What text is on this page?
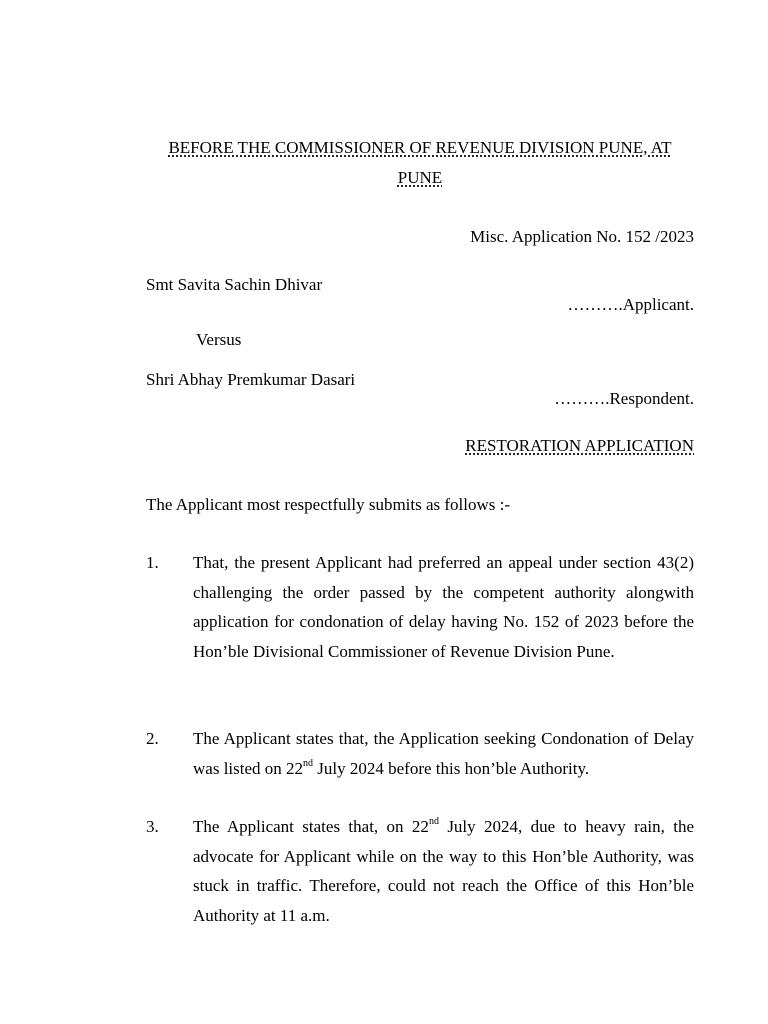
BEFORE THE COMMISSIONER OF REVENUE DIVISION PUNE, AT
PUNE
Misc. Application No. 152 /2023
Smt Savita Sachin Dhivar
……….Applicant.
Versus
Shri Abhay Premkumar Dasari
……….Respondent.
RESTORATION APPLICATION
The Applicant most respectfully submits as follows :-
1. That, the present Applicant had preferred an appeal under section 43(2) challenging the order passed by the competent authority alongwith application for condonation of delay having No. 152 of 2023 before the Hon’ble Divisional Commissioner of Revenue Division Pune.
2. The Applicant states that, the Application seeking Condonation of Delay was listed on 22nd July 2024 before this hon’ble Authority.
3. The Applicant states that, on 22nd July 2024, due to heavy rain, the advocate for Applicant while on the way to this Hon’ble Authority, was stuck in traffic. Therefore, could not reach the Office of this Hon’ble Authority at 11 a.m.
